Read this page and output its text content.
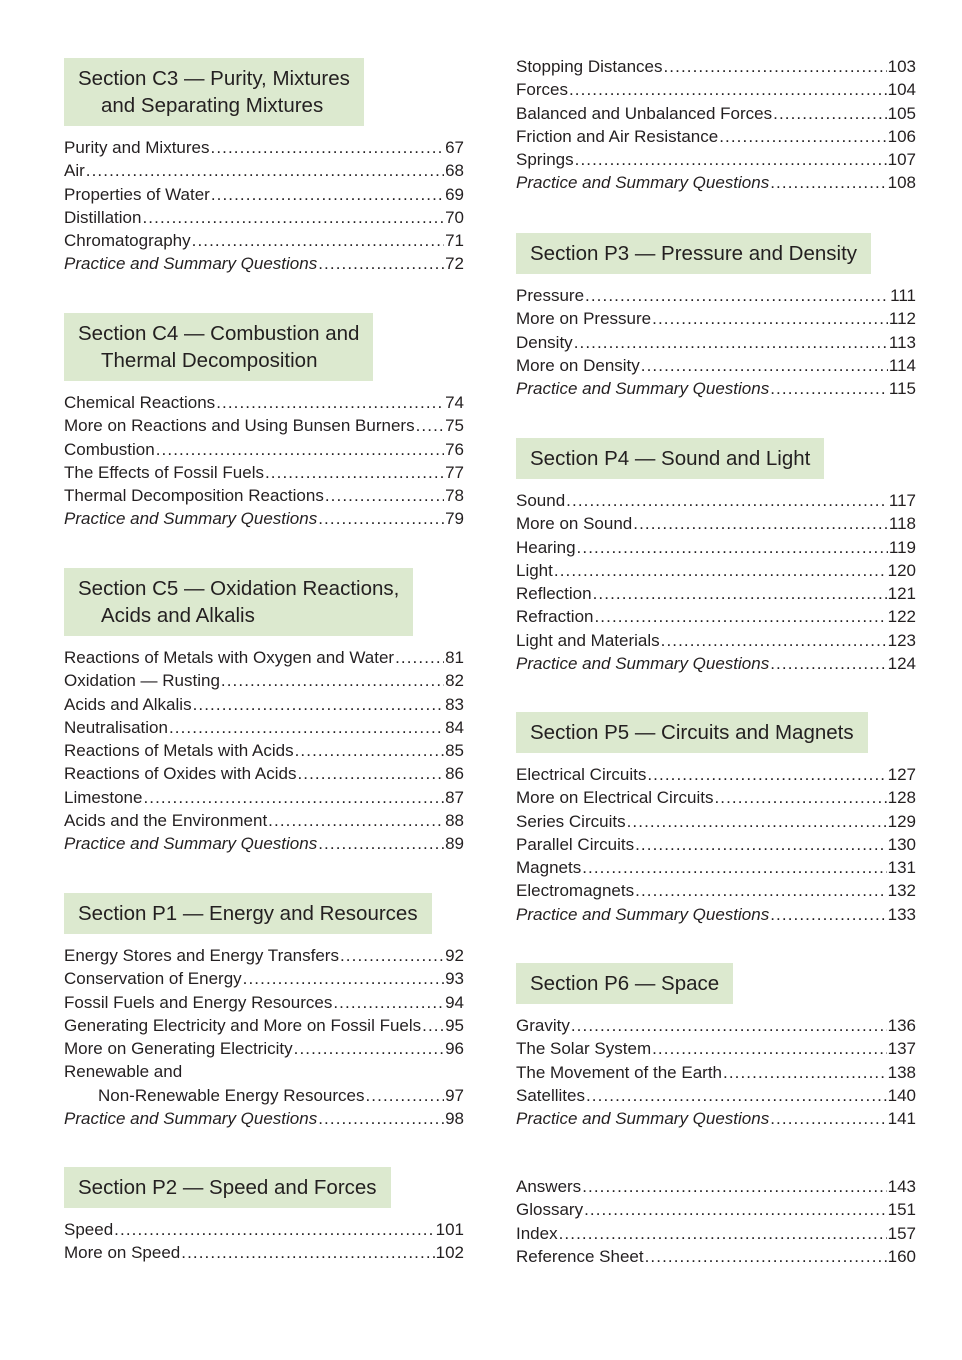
Section C3 — Purity, Mixtures
and Separating Mixtures
Purity and Mixtures .....	67
Air .....	68
Properties of Water .....	69
Distillation .....	70
Chromatography .....	71
Practice and Summary Questions .....	72
Section C4 — Combustion and
Thermal Decomposition
Chemical Reactions .....	74
More on Reactions and Using Bunsen Burners ..... 75
Combustion .....	76
The Effects of Fossil Fuels .....	77
Thermal Decomposition Reactions .....	78
Practice and Summary Questions .....	79
Section C5 — Oxidation Reactions,
Acids and Alkalis
Reactions of Metals with Oxygen and Water .....	81
Oxidation — Rusting .....	82
Acids and Alkalis .....	83
Neutralisation .....	84
Reactions of Metals with Acids .....	85
Reactions of Oxides with Acids .....	86
Limestone .....	87
Acids and the Environment .....	88
Practice and Summary Questions .....	89
Section P1 — Energy and Resources
Energy Stores and Energy Transfers .....	92
Conservation of Energy .....	93
Fossil Fuels and Energy Resources .....	94
Generating Electricity and More on Fossil Fuels ..... 95
More on Generating Electricity .....	96
Renewable and
Non-Renewable Energy Resources .....	97
Practice and Summary Questions .....	98
Section P2 — Speed and Forces
Speed .....	101
More on Speed .....	102
Stopping Distances .....	103
Forces .....	104
Balanced and Unbalanced Forces .....	105
Friction and Air Resistance .....	106
Springs .....	107
Practice and Summary Questions .....	108
Section P3 — Pressure and Density
Pressure .....	111
More on Pressure .....	112
Density .....	113
More on Density .....	114
Practice and Summary Questions .....	115
Section P4 — Sound and Light
Sound .....	117
More on Sound .....	118
Hearing .....	119
Light .....	120
Reflection .....	121
Refraction .....	122
Light and Materials .....	123
Practice and Summary Questions .....	124
Section P5 — Circuits and Magnets
Electrical Circuits .....	127
More on Electrical Circuits .....	128
Series Circuits .....	129
Parallel Circuits .....	130
Magnets .....	131
Electromagnets .....	132
Practice and Summary Questions .....	133
Section P6 — Space
Gravity .....	136
The Solar System .....	137
The Movement of the Earth .....	138
Satellites .....	140
Practice and Summary Questions .....	141
Answers .....	143
Glossary .....	151
Index .....	157
Reference Sheet .....	160
